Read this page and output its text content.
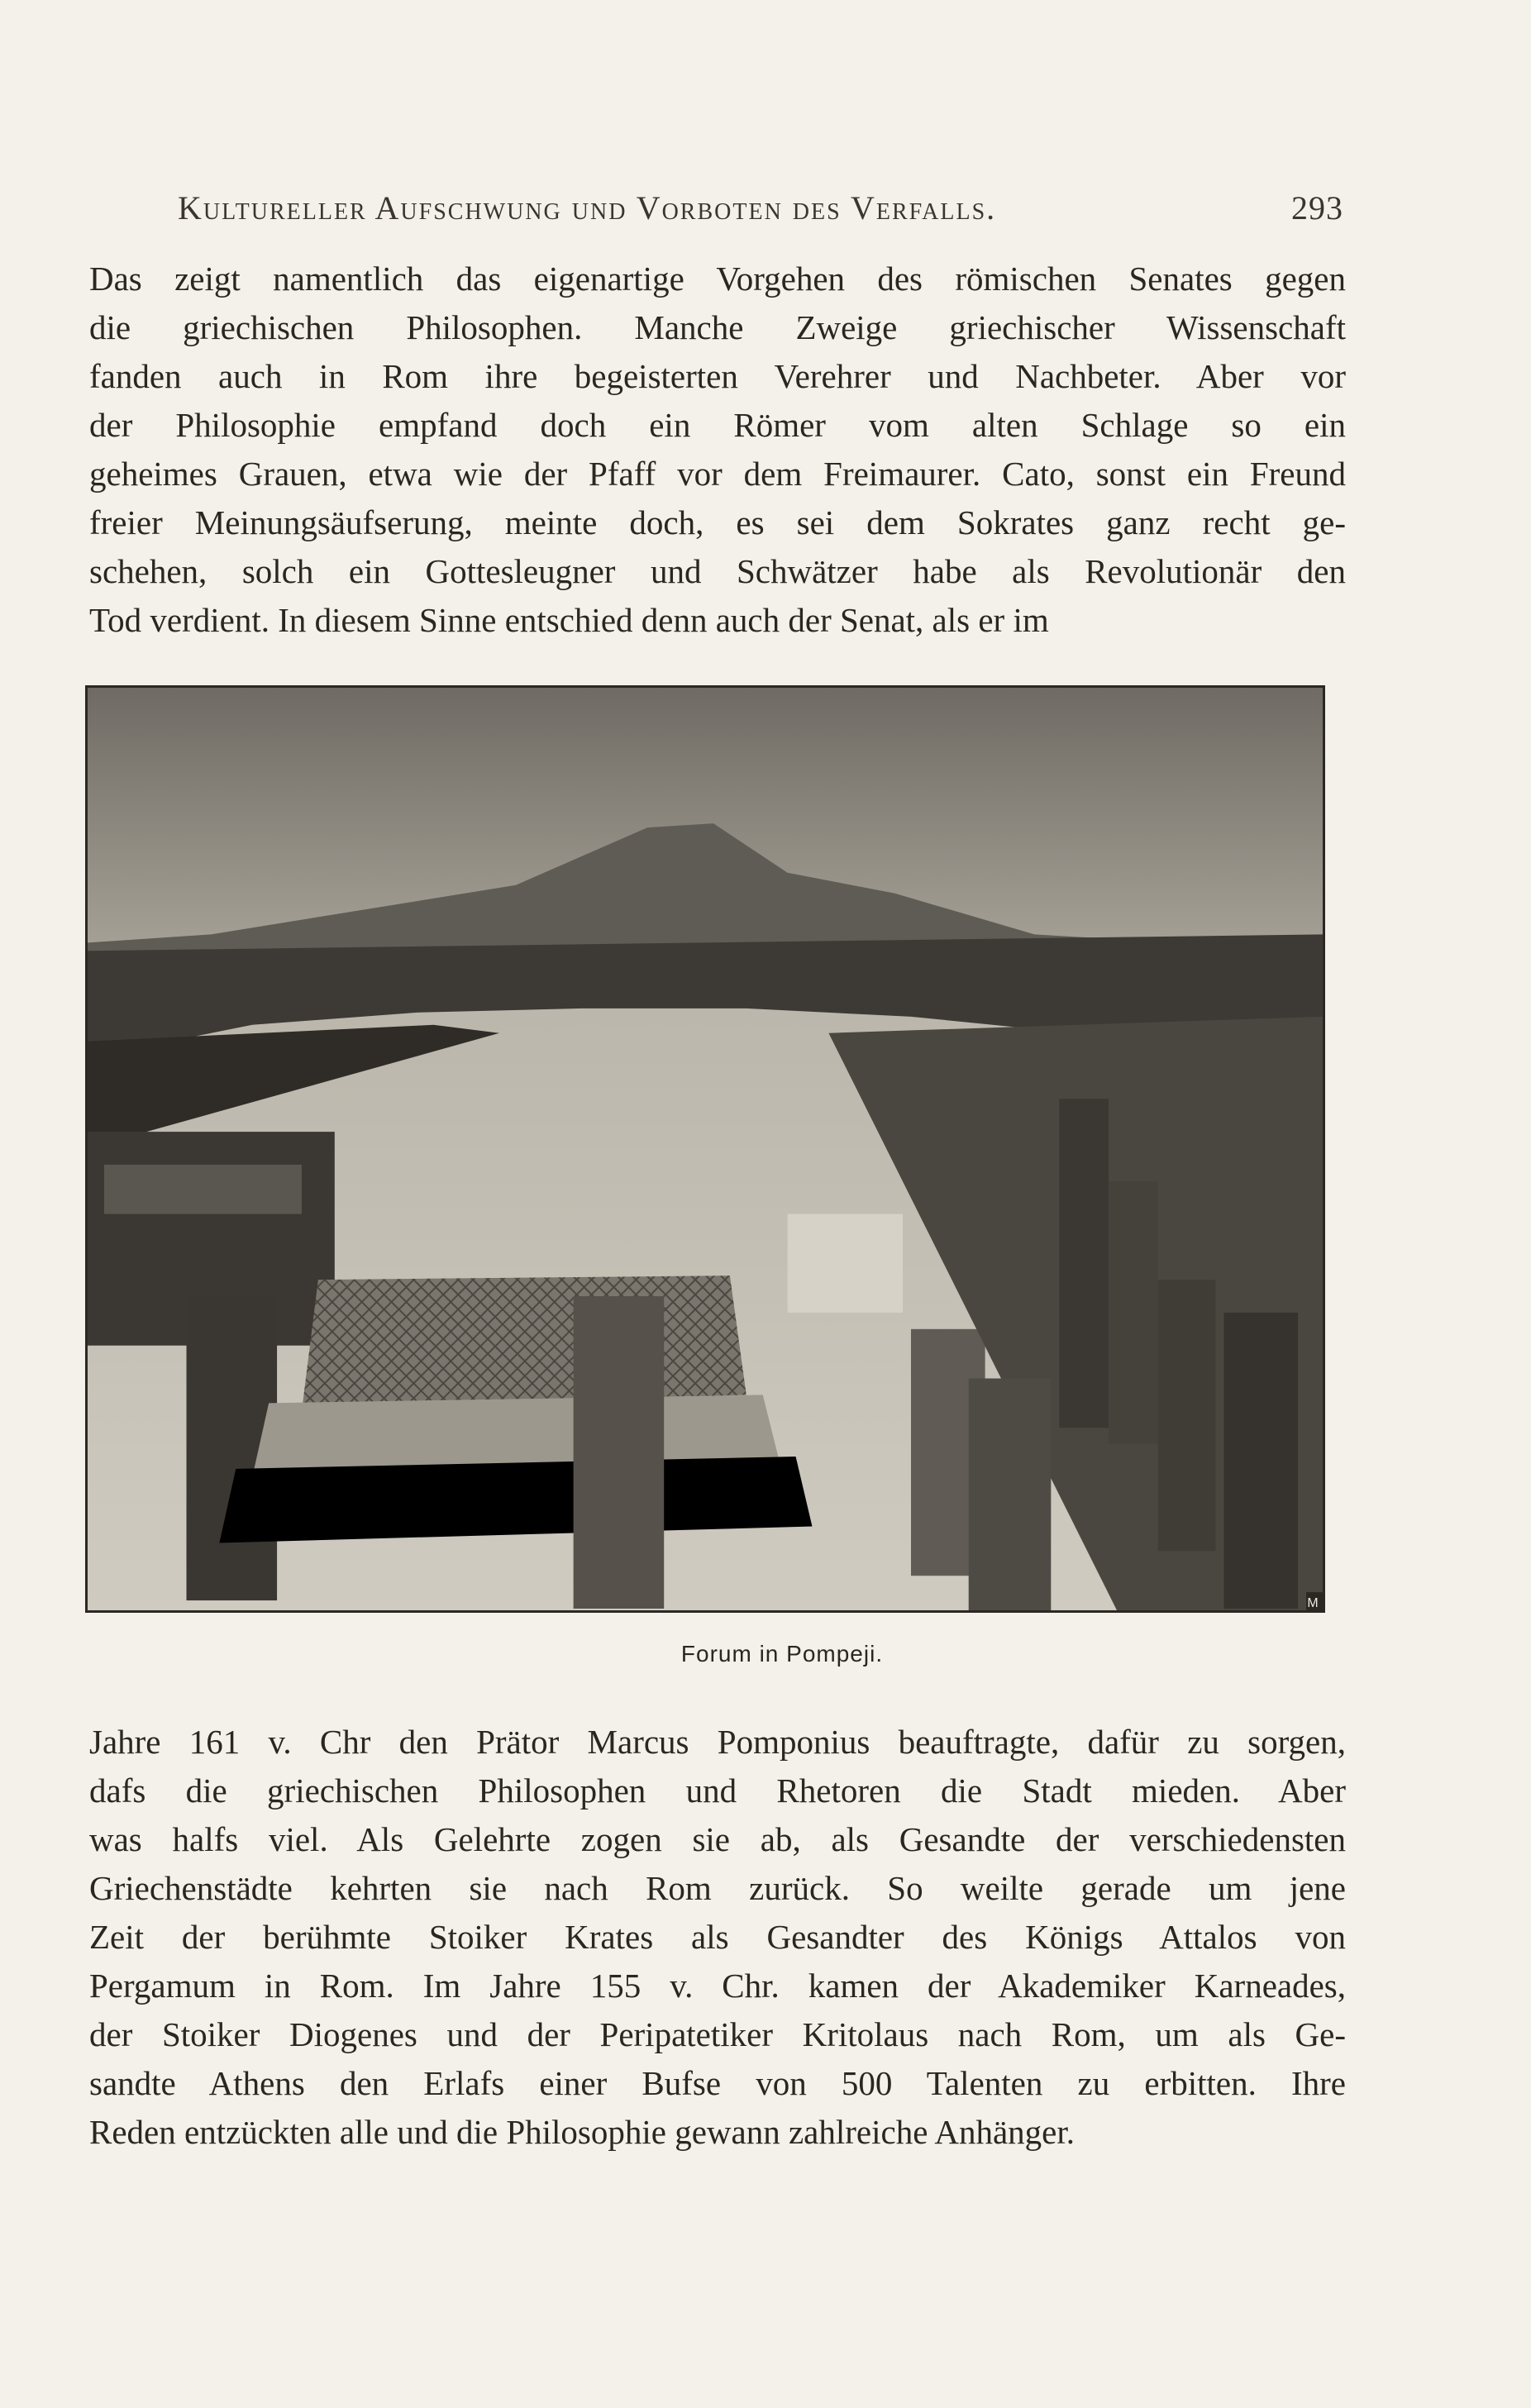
Kultureller Aufschwung und Vorboten des Verfalls.	293
Das zeigt namentlich das eigenartige Vorgehen des römischen Senates gegen
die griechischen Philosophen. Manche Zweige griechischer Wissenschaft
fanden auch in Rom ihre begeisterten Verehrer und Nachbeter. Aber vor
der Philosophie empfand doch ein Römer vom alten Schlage so ein
geheimes Grauen, etwa wie der Pfaff vor dem Freimaurer. Cato, sonst ein Freund
freier Meinungsäufserung, meinte doch, es sei dem Sokrates ganz recht ge-
schehen, solch ein Gottesleugner und Schwätzer habe als Revolutionär den
Tod verdient. In diesem Sinne entschied denn auch der Senat, als er im
M
Forum in Pompeji.
Jahre 161 v. Chr den Prätor Marcus Pomponius beauftragte, dafür zu sorgen,
dafs die griechischen Philosophen und Rhetoren die Stadt mieden. Aber
was halfs viel. Als Gelehrte zogen sie ab, als Gesandte der verschiedensten
Griechenstädte kehrten sie nach Rom zurück. So weilte gerade um jene
Zeit der berühmte Stoiker Krates als Gesandter des Königs Attalos von
Pergamum in Rom. Im Jahre 155 v. Chr. kamen der Akademiker Karneades,
der Stoiker Diogenes und der Peripatetiker Kritolaus nach Rom, um als Ge-
sandte Athens den Erlafs einer Bufse von 500 Talenten zu erbitten. Ihre
Reden entzückten alle und die Philosophie gewann zahlreiche Anhänger.
